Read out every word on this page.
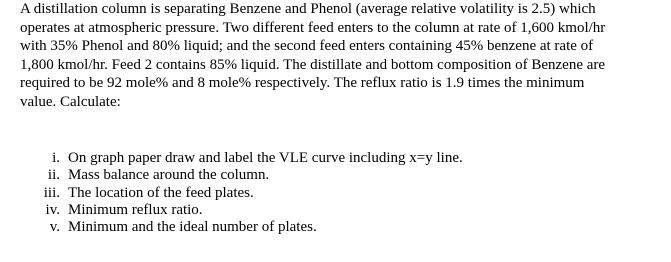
A distillation column is separating Benzene and Phenol (average relative volatility is 2.5) which
operates at atmospheric pressure. Two different feed enters to the column at rate of 1,600 kmol/hr
with 35% Phenol and 80% liquid; and the second feed enters containing 45% benzene at rate of
1,800 kmol/hr. Feed 2 contains 85% liquid. The distillate and bottom composition of Benzene are
required to be 92 mole% and 8 mole% respectively. The reflux ratio is 1.9 times the minimum
value. Calculate:

i. On graph paper draw and label the VLE curve including x=y line.
ii. Mass balance around the column.
iii. The location of the feed plates.
iv. Minimum reflux ratio.
v. Minimum and the ideal number of plates.
